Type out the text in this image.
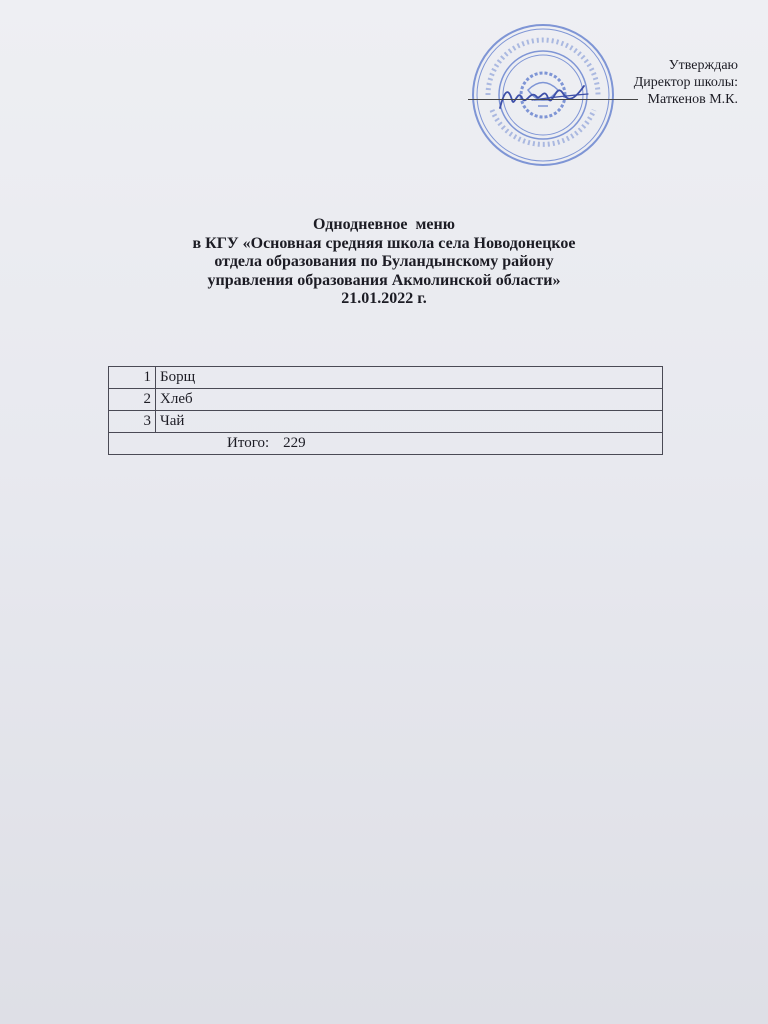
Утверждаю
Директор школы:
Маткенов М.К.
Однодневное  меню
в КГУ «Основная средняя школа села Новодонецкое
отдела образования по Буландынскому району
управления образования Акмолинской области»
21.01.2022 г.
1	Борщ
2	Хлеб
3	Чай
Итого: 229	
